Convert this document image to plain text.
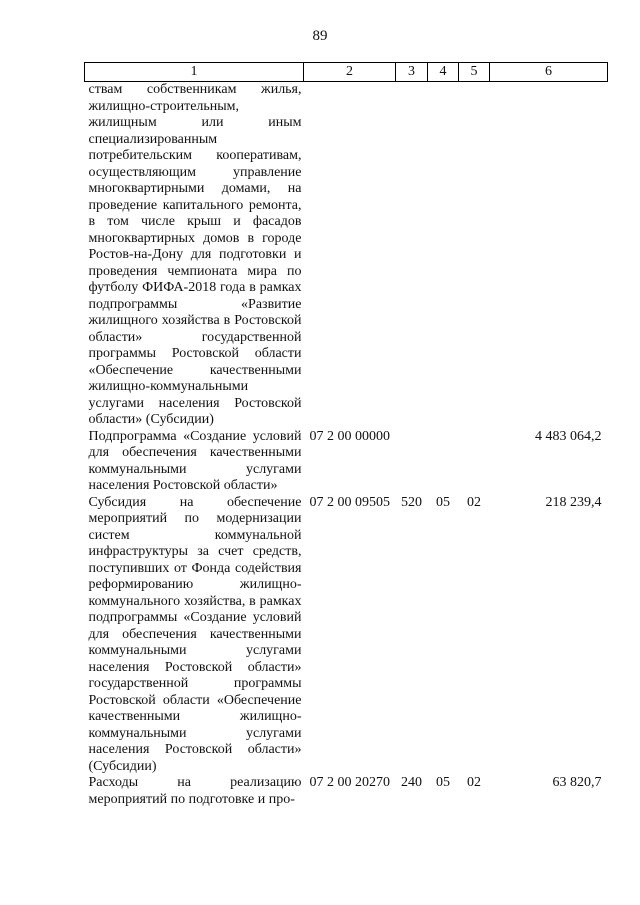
89
1	2	3	4	5	6
ствам собственникам жилья, жилищно-строительным, жилищным или иным специализированным потребительским кооперативам, осуществляющим управление многоквартирными домами, на проведение капитального ремонта, в том числе крыш и фасадов многоквартирных домов в городе Ростов-на-Дону для подготовки и проведения чемпионата мира по футболу ФИФА-2018 года в рамках подпрограммы «Развитие жилищного хозяйства в Ростовской области» государственной программы Ростовской области «Обеспечение качественными жилищно-коммунальными услугами населения Ростовской области» (Субсидии)					
Подпрограмма «Создание условий для обеспечения качественными коммунальными услугами населения Ростовской области»	07 2 00 00000				4 483 064,2
Субсидия на обеспечение мероприятий по модернизации систем коммунальной инфраструктуры за счет средств, поступивших от Фонда содействия реформированию жилищно-коммунального хозяйства, в рамках подпрограммы «Создание условий для обеспечения качественными коммунальными услугами населения Ростовской области» государственной программы Ростовской области «Обеспечение качественными жилищно-коммунальными услугами населения Ростовской области» (Субсидии)	07 2 00 09505	520	05	02	218 239,4
Расходы на реализацию мероприятий по подготовке и про-	07 2 00 20270	240	05	02	63 820,7
